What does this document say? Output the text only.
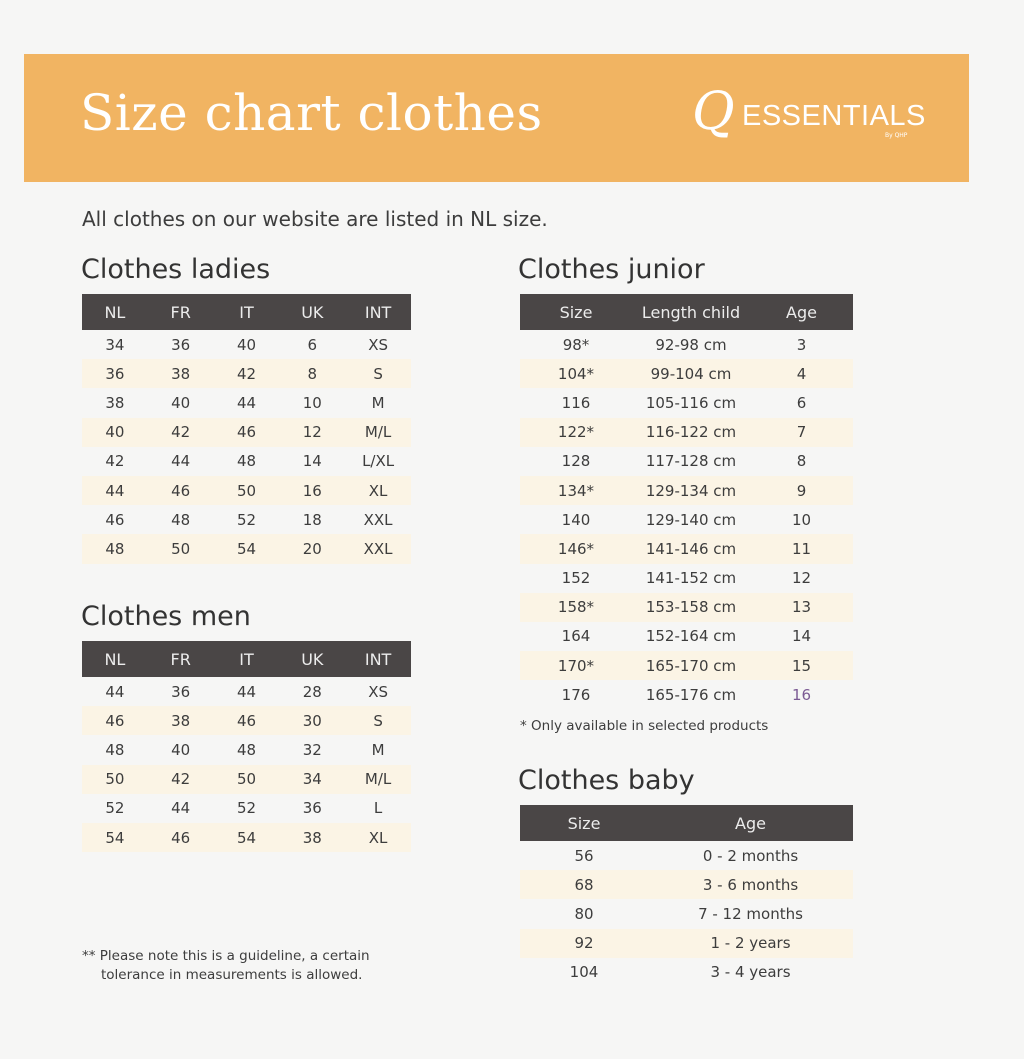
Size chart clothes	Q ESSENTIALS
By QHP
All clothes on our website are listed in NL size.
Clothes ladies
NL	FR	IT	UK	INT
34	36	40	6	XS
36	38	42	8	S
38	40	44	10	M
40	42	46	12	M/L
42	44	48	14	L/XL
44	46	50	16	XL
46	48	52	18	XXL
48	50	54	20	XXL
Clothes men
NL	FR	IT	UK	INT
44	36	44	28	XS
46	38	46	30	S
48	40	48	32	M
50	42	50	34	M/L
52	44	52	36	L
54	46	54	38	XL
Clothes junior
Size	Length child	Age
98*	92-98 cm	3
104*	99-104 cm	4
116	105-116 cm	6
122*	116-122 cm	7
128	117-128 cm	8
134*	129-134 cm	9
140	129-140 cm	10
146*	141-146 cm	11
152	141-152 cm	12
158*	153-158 cm	13
164	152-164 cm	14
170*	165-170 cm	15
176	165-176 cm	16
* Only available in selected products
Clothes baby
Size	Age
56	0 - 2 months
68	3 - 6 months
80	7 - 12 months
92	1 - 2 years
104	3 - 4 years
** Please note this is a guideline, a certain
tolerance in measurements is allowed.
